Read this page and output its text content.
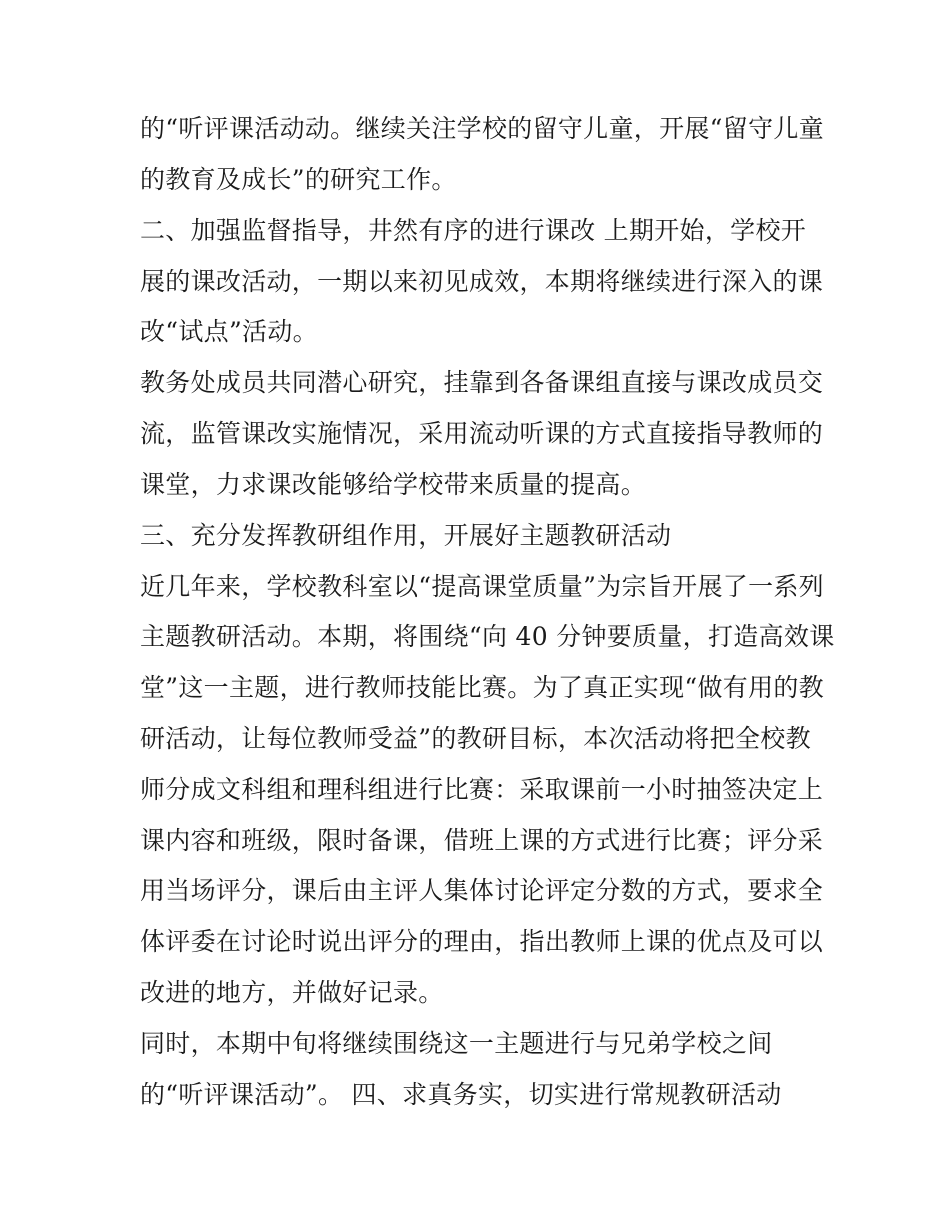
的“听评课活动动。继续关注学校的留守儿童，开展“留守儿童
的教育及成长”的研究工作。
二、加强监督指导，井然有序的进行课改 上期开始，学校开
展的课改活动，一期以来初见成效，本期将继续进行深入的课
改“试点”活动。
教务处成员共同潜心研究，挂靠到各备课组直接与课改成员交
流，监管课改实施情况，采用流动听课的方式直接指导教师的
课堂，力求课改能够给学校带来质量的提高。
三、充分发挥教研组作用，开展好主题教研活动
近几年来，学校教科室以“提高课堂质量”为宗旨开展了一系列
主题教研活动。本期，将围绕“向 40 分钟要质量，打造高效课
堂”这一主题，进行教师技能比赛。为了真正实现“做有用的教
研活动，让每位教师受益”的教研目标，本次活动将把全校教
师分成文科组和理科组进行比赛：采取课前一小时抽签决定上
课内容和班级，限时备课，借班上课的方式进行比赛；评分采
用当场评分，课后由主评人集体讨论评定分数的方式，要求全
体评委在讨论时说出评分的理由，指出教师上课的优点及可以
改进的地方，并做好记录。
同时，本期中旬将继续围绕这一主题进行与兄弟学校之间
的“听评课活动”。 四、求真务实，切实进行常规教研活动
